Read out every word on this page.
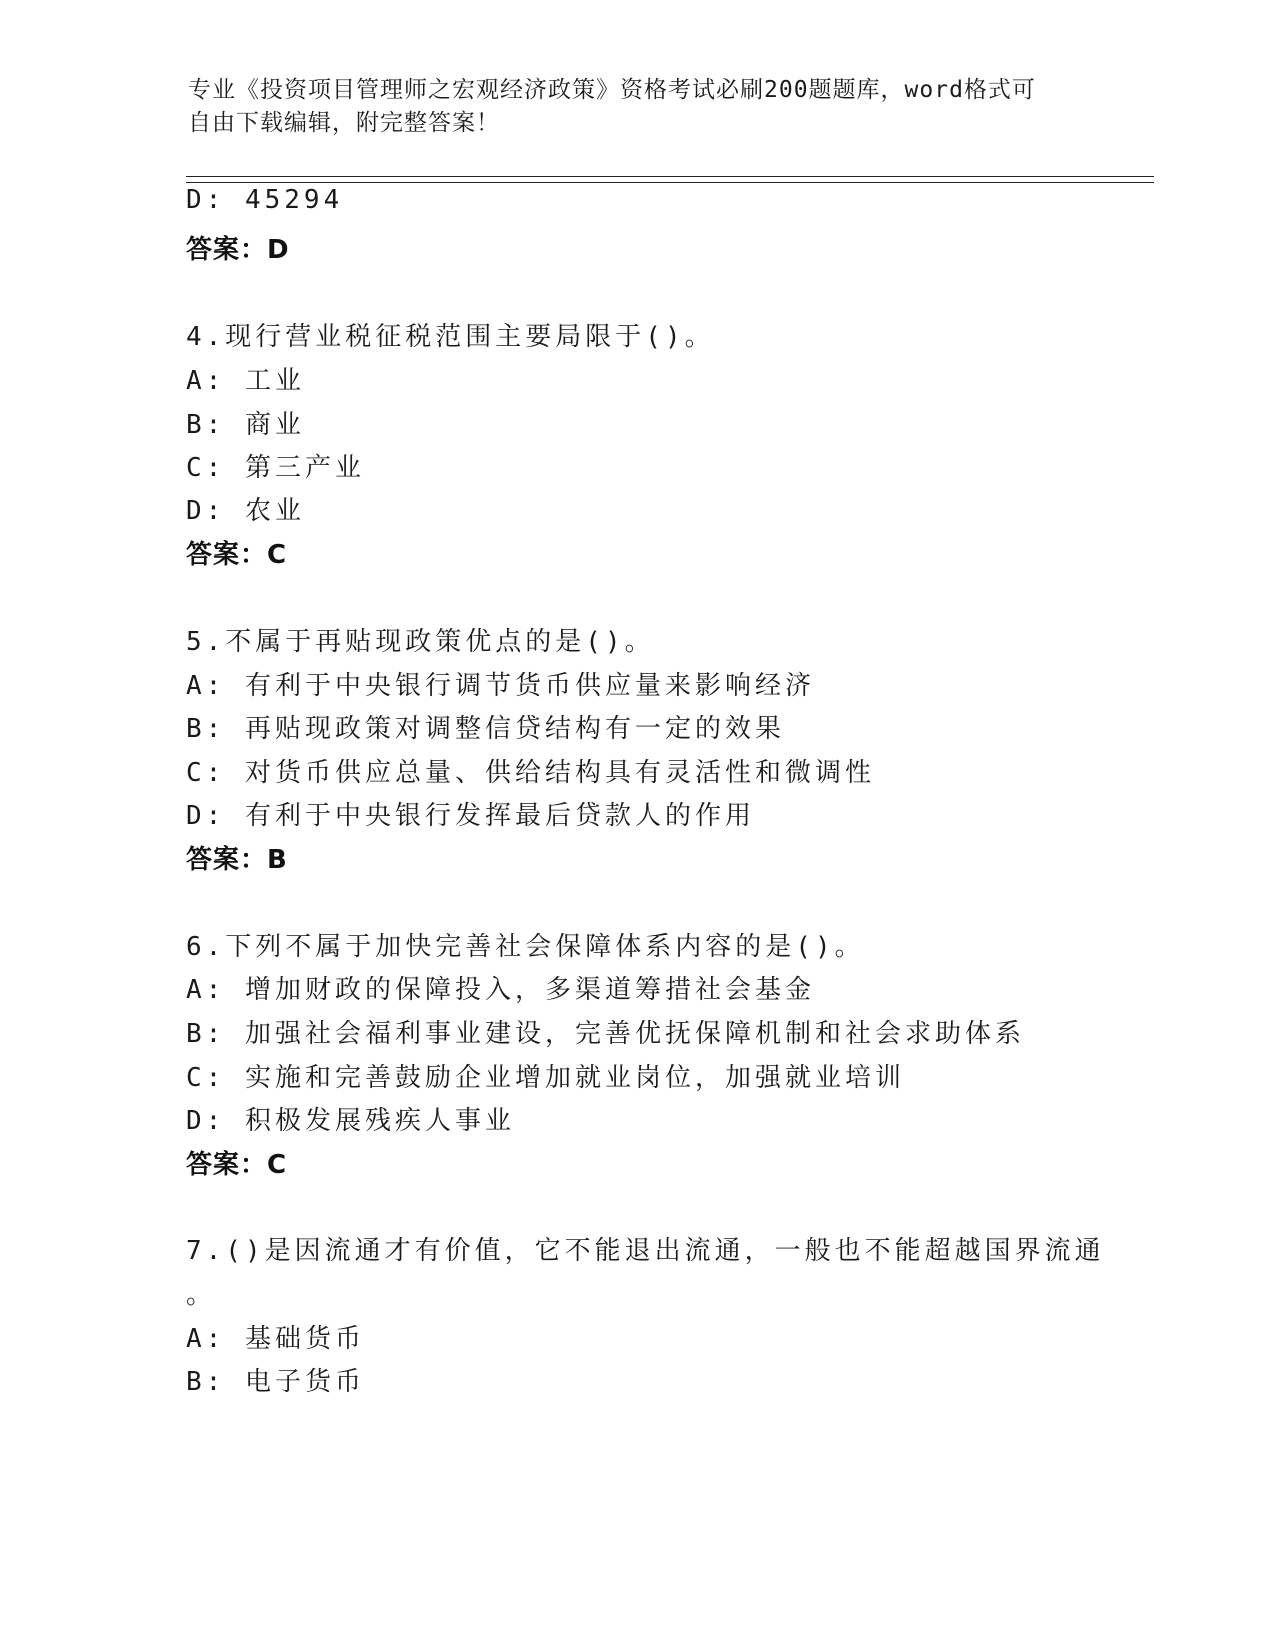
专业《投资项目管理师之宏观经济政策》资格考试必刷200题题库，word格式可
自由下载编辑，附完整答案！
D: 45294
答案：D
4.现行营业税征税范围主要局限于()。
A: 工业
B: 商业
C: 第三产业
D: 农业
答案：C
5.不属于再贴现政策优点的是()。
A: 有利于中央银行调节货币供应量来影响经济
B: 再贴现政策对调整信贷结构有一定的效果
C: 对货币供应总量、供给结构具有灵活性和微调性
D: 有利于中央银行发挥最后贷款人的作用
答案：B
6.下列不属于加快完善社会保障体系内容的是()。
A: 增加财政的保障投入，多渠道筹措社会基金
B: 加强社会福利事业建设，完善优抚保障机制和社会求助体系
C: 实施和完善鼓励企业增加就业岗位，加强就业培训
D: 积极发展残疾人事业
答案：C
7.()是因流通才有价值，它不能退出流通，一般也不能超越国界流通
。
A: 基础货币
B: 电子货币
